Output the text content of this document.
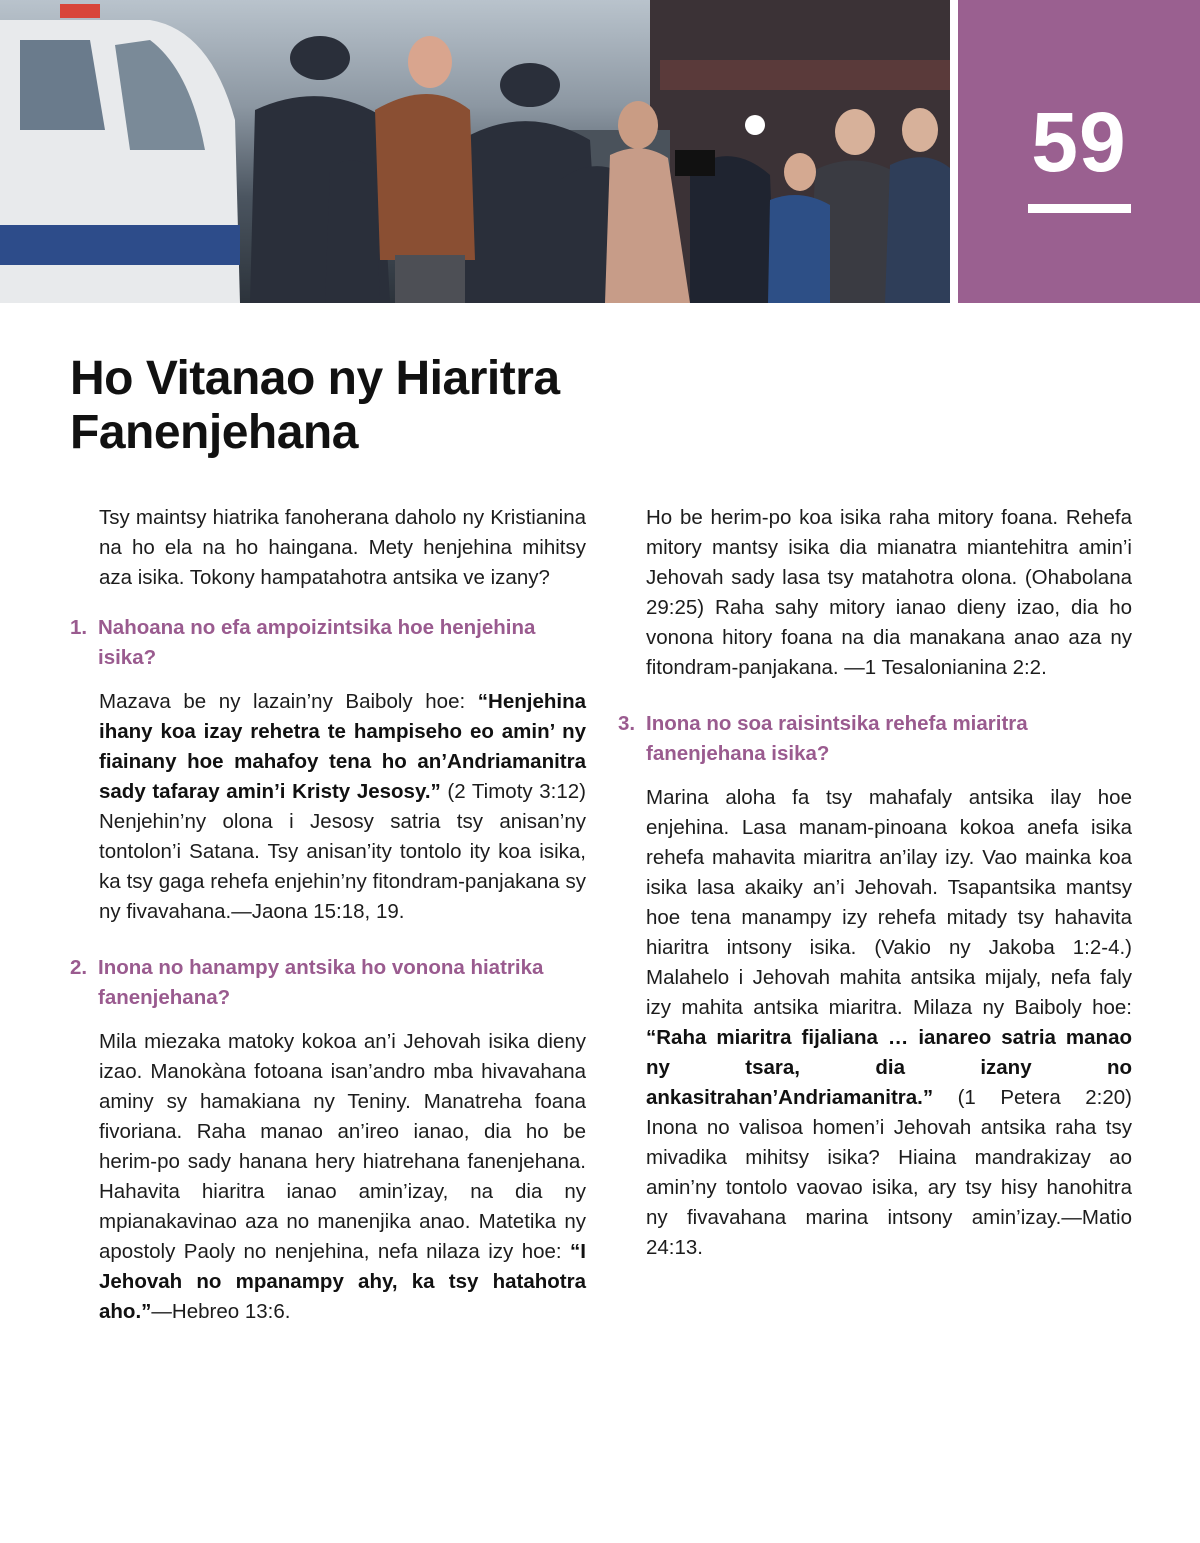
59
Ho Vitanao ny Hiaritra
Fanenjehana

Tsy maintsy hiatrika fanoherana daholo ny Kristianina na ho ela na ho haingana. Mety henjehina mihitsy aza isika. Tokony hampatahotra antsika ve izany?

1. Nahoana no efa ampoizintsika hoe henjehina isika?

Mazava be ny lazain’ny Baiboly hoe: “Henjehina ihany koa izay rehetra te hampiseho eo amin’ ny fiainany hoe mahafoy tena ho an’Andriamanitra sady tafaray amin’i Kristy Jesosy.” (2 Timoty 3:12) Nenjehin’ny olona i Jesosy satria tsy anisan’ny tontolon’i Satana. Tsy anisan’ity tontolo ity koa isika, ka tsy gaga rehefa enjehin’ny fitondram-panjakana sy ny fivavahana.—Jaona 15:18, 19.

2. Inona no hanampy antsika ho vonona hiatrika fanenjehana?

Mila miezaka matoky kokoa an’i Jehovah isika dieny izao. Manokàna fotoana isan’andro mba hivavahana aminy sy hamakiana ny Teniny. Manatreha foana fivoriana. Raha manao an’ireo ianao, dia ho be herim-po sady hanana hery hiatrehana fanenjehana. Hahavita hiaritra ianao amin’izay, na dia ny mpianakavinao aza no manenjika anao. Matetika ny apostoly Paoly no nenjehina, nefa nilaza izy hoe: “I Jehovah no mpanampy ahy, ka tsy hatahotra aho.”—Hebreo 13:6.

Ho be herim-po koa isika raha mitory foana. Rehefa mitory mantsy isika dia mianatra miantehitra amin’i Jehovah sady lasa tsy matahotra olona. (Ohabolana 29:25) Raha sahy mitory ianao dieny izao, dia ho vonona hitory foana na dia manakana anao aza ny fitondram-panjakana. —1 Tesalonianina 2:2.

3. Inona no soa raisintsika rehefa miaritra fanenjehana isika?

Marina aloha fa tsy mahafaly antsika ilay hoe enjehina. Lasa manam-pinoana kokoa anefa isika rehefa mahavita miaritra an’ilay izy. Vao mainka koa isika lasa akaiky an’i Jehovah. Tsapantsika mantsy hoe tena manampy izy rehefa mitady tsy hahavita hiaritra intsony isika. (Vakio ny Jakoba 1:2-4.) Malahelo i Jehovah mahita antsika mijaly, nefa faly izy mahita antsika miaritra. Milaza ny Baiboly hoe: “Raha miaritra fijaliana … ianareo satria manao ny tsara, dia izany no ankasitrahan’Andriamanitra.” (1 Petera 2:20) Inona no valisoa homen’i Jehovah antsika raha tsy mivadika mihitsy isika? Hiaina mandrakizay ao amin’ny tontolo vaovao isika, ary tsy hisy hanohitra ny fivavahana marina intsony amin’izay.—Matio 24:13.
